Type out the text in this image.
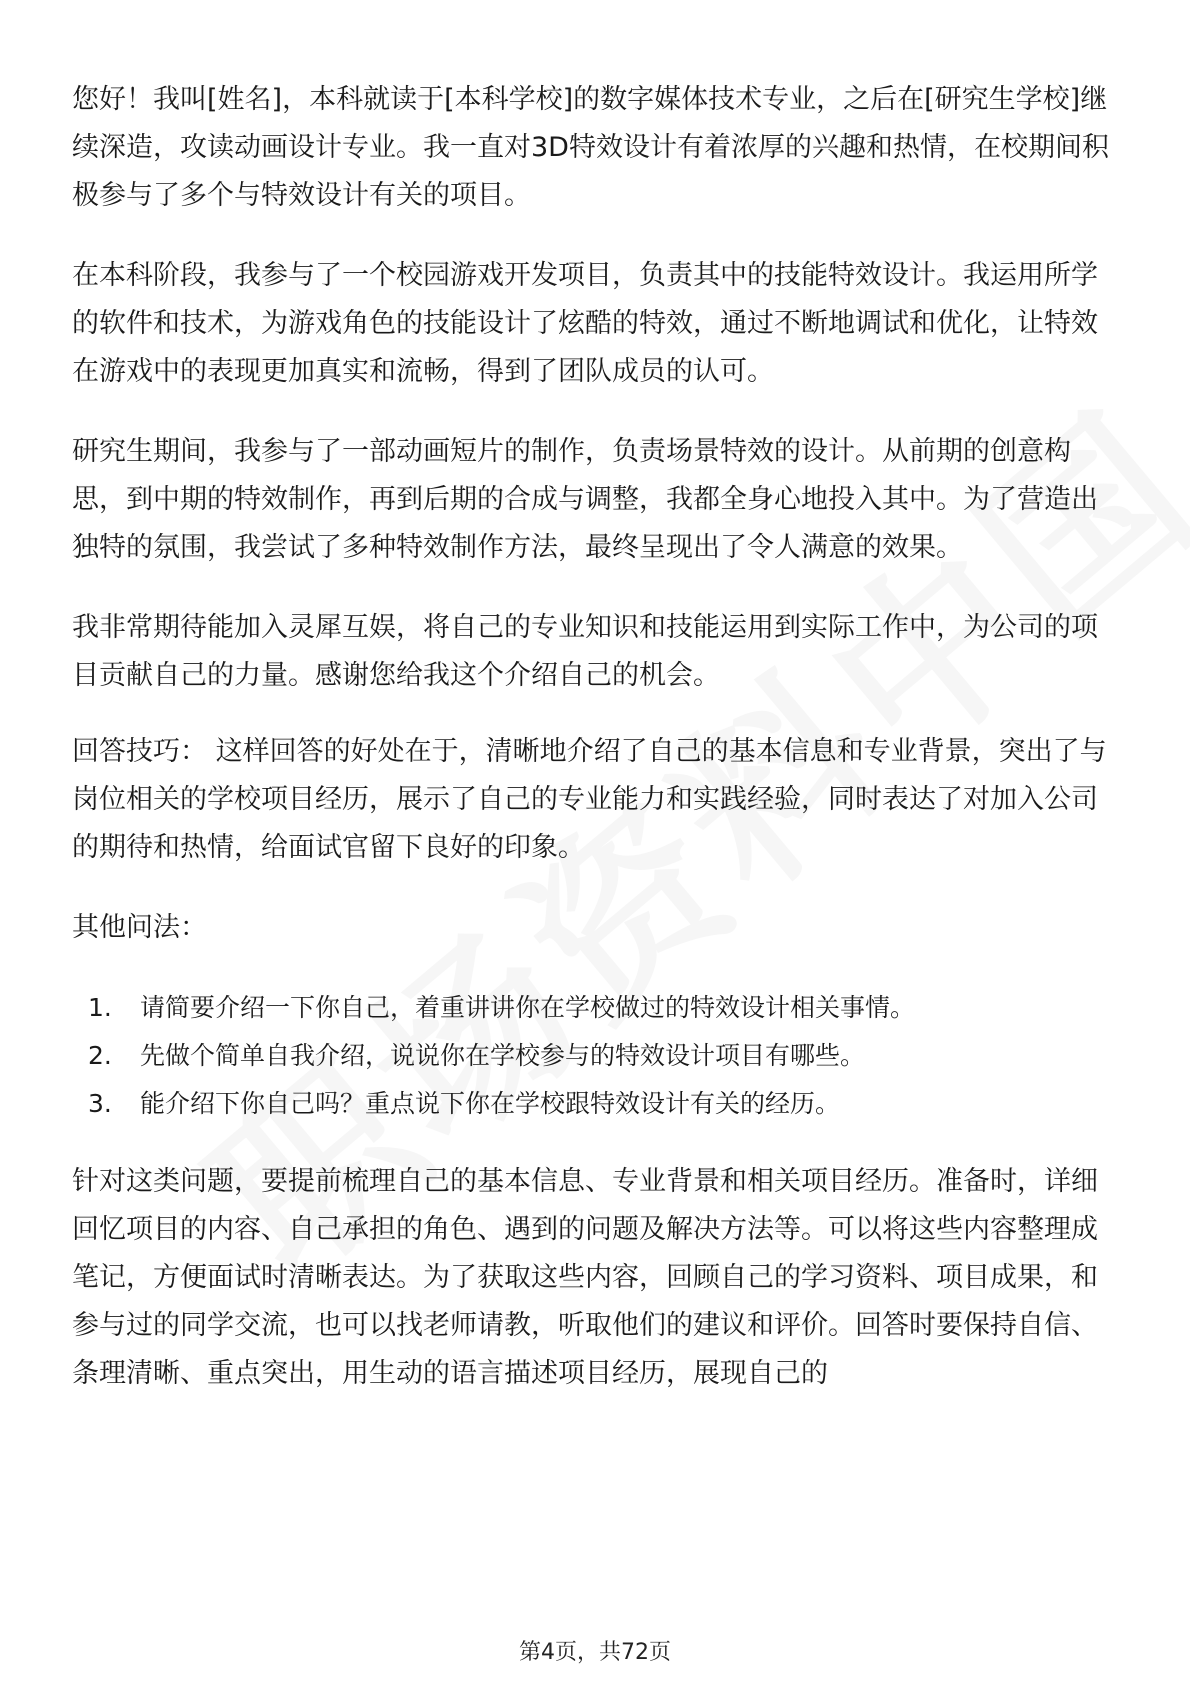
您好！我叫[姓名]，本科就读于[本科学校]的数字媒体技术专业，之后在[研究生学校]继续深造，攻读动画设计专业。我一直对3D特效设计有着浓厚的兴趣和热情，在校期间积极参与了多个与特效设计有关的项目。

在本科阶段，我参与了一个校园游戏开发项目，负责其中的技能特效设计。我运用所学的软件和技术，为游戏角色的技能设计了炫酷的特效，通过不断地调试和优化，让特效在游戏中的表现更加真实和流畅，得到了团队成员的认可。

研究生期间，我参与了一部动画短片的制作，负责场景特效的设计。从前期的创意构思，到中期的特效制作，再到后期的合成与调整，我都全身心地投入其中。为了营造出独特的氛围，我尝试了多种特效制作方法，最终呈现出了令人满意的效果。

我非常期待能加入灵犀互娱，将自己的专业知识和技能运用到实际工作中，为公司的项目贡献自己的力量。感谢您给我这个介绍自己的机会。

回答技巧： 这样回答的好处在于，清晰地介绍了自己的基本信息和专业背景，突出了与岗位相关的学校项目经历，展示了自己的专业能力和实践经验，同时表达了对加入公司的期待和热情，给面试官留下良好的印象。

其他问法：

1.	请简要介绍一下你自己，着重讲讲你在学校做过的特效设计相关事情。
2.	先做个简单自我介绍，说说你在学校参与的特效设计项目有哪些。
3.	能介绍下你自己吗？重点说下你在学校跟特效设计有关的经历。

针对这类问题，要提前梳理自己的基本信息、专业背景和相关项目经历。准备时，详细回忆项目的内容、自己承担的角色、遇到的问题及解决方法等。可以将这些内容整理成笔记，方便面试时清晰表达。为了获取这些内容，回顾自己的学习资料、项目成果，和参与过的同学交流，也可以找老师请教，听取他们的建议和评价。回答时要保持自信、条理清晰、重点突出，用生动的语言描述项目经历，展现自己的

第4页，共72页
